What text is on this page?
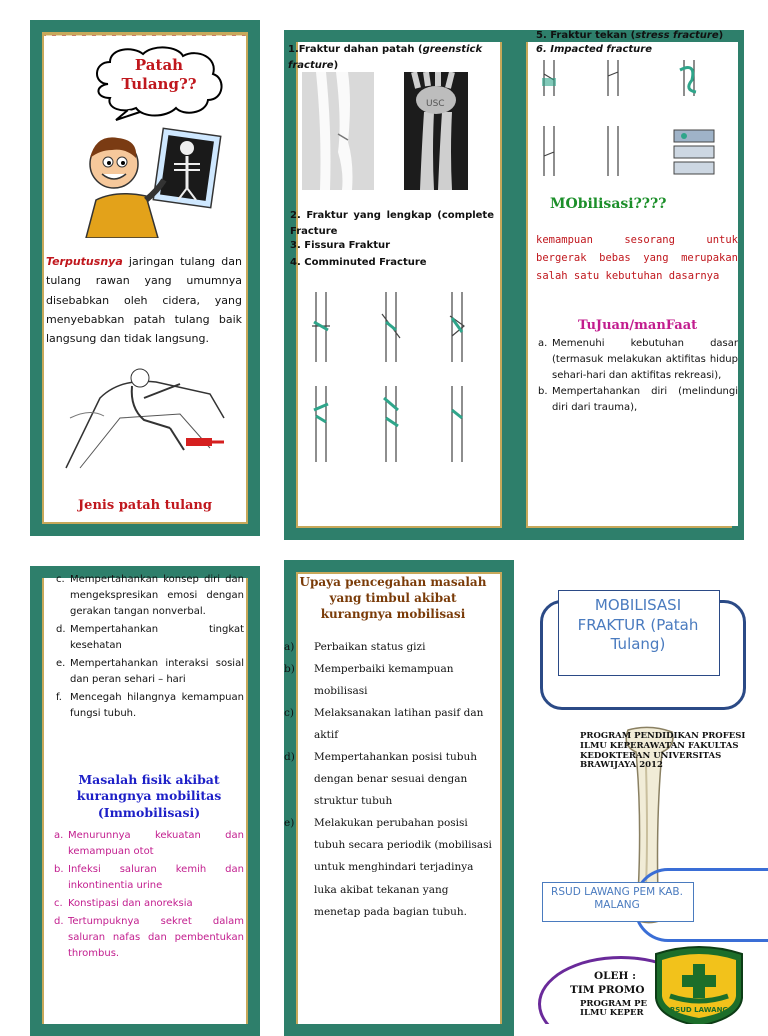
Patah Tulang??
Terputusnya jaringan tulang dan tulang rawan yang umumnya disebabkan oleh cidera, yang menyebabkan patah tulang baik langsung dan tidak langsung.
Jenis patah tulang
1.Fraktur dahan patah (greenstick fracture)
USC
2. Fraktur yang lengkap (complete Fracture
3. Fissura Fraktur
4. Comminuted Fracture
5. Fraktur tekan (stress fracture)
6. Impacted fracture
MObilisasi????
kemampuan sesorang untuk bergerak bebas yang merupakan salah satu kebutuhan dasarnya
TuJuan/manFaat
a. Memenuhi kebutuhan dasar (termasuk melakukan aktifitas hidup sehari-hari dan aktifitas rekreasi),
b. Mempertahankan diri (melindungi diri dari trauma),
c. Mempertahankan konsep diri dan mengekspresikan emosi dengan gerakan tangan nonverbal.
d. Mempertahankan tingkat kesehatan
e. Mempertahankan interaksi sosial dan peran sehari – hari
f. Mencegah hilangnya kemampuan fungsi tubuh.
Masalah fisik akibat kurangnya mobilitas (Immobilisasi)
a. Menurunnya kekuatan dan kemampuan otot
b. Infeksi saluran kemih dan inkontinentia urine
c. Konstipasi dan anoreksia
d. Tertumpuknya sekret dalam saluran nafas dan pembentukan thrombus.
Upaya pencegahan masalah yang timbul akibat kurangnya mobilisasi
a) Perbaikan status gizi
b) Memperbaiki kemampuan mobilisasi
c) Melaksanakan latihan pasif dan aktif
d) Mempertahankan posisi tubuh dengan benar sesuai dengan struktur tubuh
e) Melakukan perubahan posisi tubuh secara periodik (mobilisasi untuk menghindari terjadinya luka akibat tekanan yang menetap pada bagian tubuh.
MOBILISASI FRAKTUR (Patah Tulang)
PROGRAM PENDIDIKAN PROFESI ILMU KEPERAWATAN FAKULTAS KEDOKTERAN UNIVERSITAS BRAWIJAYA 2012
RSUD LAWANG PEM KAB. MALANG
OLEH :
TIM PROMO
PROGRAM PE ILMU KEPER	RSUD LAWANG
